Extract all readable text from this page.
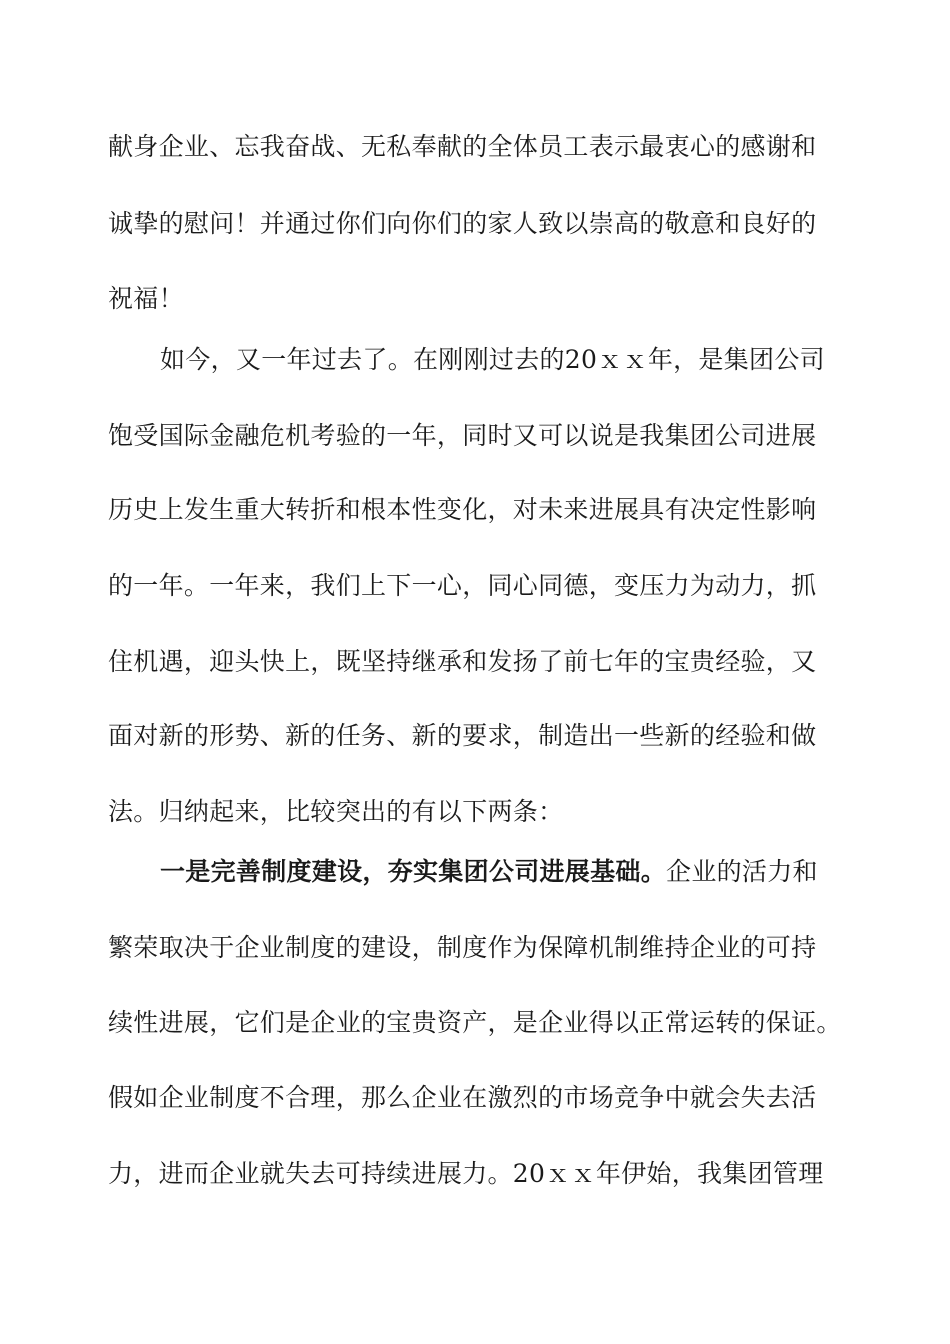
献身企业、忘我奋战、无私奉献的全体员工表示最衷心的感谢和
诚挚的慰问！并通过你们向你们的家人致以崇高的敬意和良好的
祝福！
如今，又一年过去了。在刚刚过去的20ｘｘ年，是集团公司
饱受国际金融危机考验的一年，同时又可以说是我集团公司进展
历史上发生重大转折和根本性变化，对未来进展具有决定性影响
的一年。一年来，我们上下一心，同心同德，变压力为动力，抓
住机遇，迎头快上，既坚持继承和发扬了前七年的宝贵经验，又
面对新的形势、新的任务、新的要求，制造出一些新的经验和做
法。归纳起来，比较突出的有以下两条：
一是完善制度建设，夯实集团公司进展基础。企业的活力和
繁荣取决于企业制度的建设，制度作为保障机制维持企业的可持
续性进展，它们是企业的宝贵资产，是企业得以正常运转的保证。
假如企业制度不合理，那么企业在激烈的市场竞争中就会失去活
力，进而企业就失去可持续进展力。20ｘｘ年伊始，我集团管理
